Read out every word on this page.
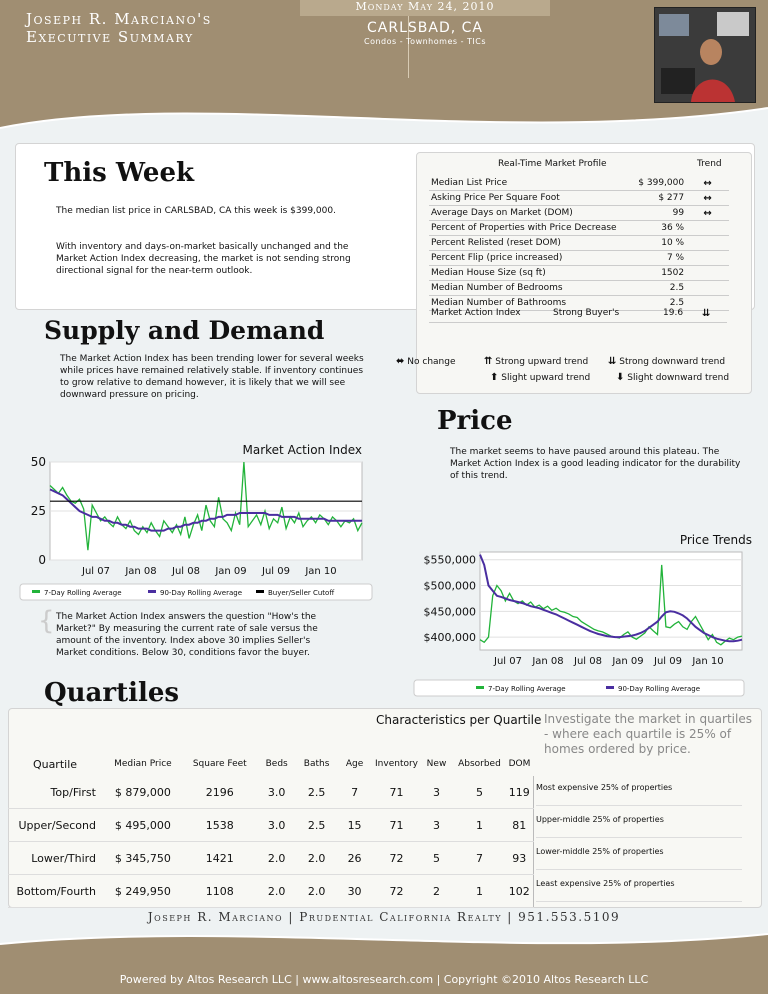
Joseph R. Marciano's
Executive Summary
Monday May 24, 2010
CARLSBAD, CA
Condos - Townhomes - TICs
This Week
The median list price in CARLSBAD, CA this week is $399,000.
With inventory and days-on-market basically unchanged and the Market Action Index decreasing, the market is not sending strong directional signal for the near-term outlook.
Real-Time Market Profile	Trend
Median List Price	$ 399,000	↔
Asking Price Per Square Foot	$ 277	↔
Average Days on Market (DOM)	99	↔
Percent of Properties with Price Decrease	36 %	
Percent Relisted (reset DOM)	10 %	
Percent Flip (price increased)	7 %	
Median House Size (sq ft)	1502	
Median Number of Bedrooms	2.5	
Median Number of Bathrooms	2.5	
Market Action Index	Strong Buyer's	19.6 ⇊
⬌ No change	⇈ Strong upward trend ⇊ Strong downward trend
⬆ Slight upward trend	⬇ Slight downward trend
Supply and Demand
The Market Action Index has been trending lower for several weeks while prices have remained relatively stable. If inventory continues to grow relative to demand however, it is likely that we will see downward pressure on pricing.
Market Action Index
50
25
0
Jul 07 Jan 08 Jul 08 Jan 09 Jul 09 Jan 10
7-Day Rolling Average	90-Day Rolling Average	Buyer/Seller Cutoff
{ The Market Action Index answers the question "How's the Market?" By measuring the current rate of sale versus the amount of the inventory. Index above 30 implies Seller's Market conditions. Below 30, conditions favor the buyer.
Price
The market seems to have paused around this plateau. The Market Action Index is a good leading indicator for the durability of this trend.
Price Trends
$550,000
$500,000
$450,000
$400,000
Jul 07 Jan 08 Jul 08 Jan 09 Jul 09 Jan 10
7-Day Rolling Average	90-Day Rolling Average
Quartiles
Characteristics per Quartile Investigate the market in quartiles - where each quartile is 25% of homes ordered by price.
Quartile	Median Price	Square Feet	Beds	Baths	Age	Inventory	New	Absorbed	DOM
Top/First	$ 879,000	2196	3.0	2.5	7	71	3	5	119
Upper/Second	$ 495,000	1538	3.0	2.5	15	71	3	1	81
Lower/Third	$ 345,750	1421	2.0	2.0	26	72	5	7	93
Bottom/Fourth	$ 249,950	1108	2.0	2.0	30	72	2	1	102
Most expensive 25% of properties
Upper-middle 25% of properties
Lower-middle 25% of properties
Least expensive 25% of properties
Joseph R. Marciano | Prudential California Realty | 951.553.5109
Powered by Altos Research LLC | www.altosresearch.com | Copyright ©2010 Altos Research LLC
